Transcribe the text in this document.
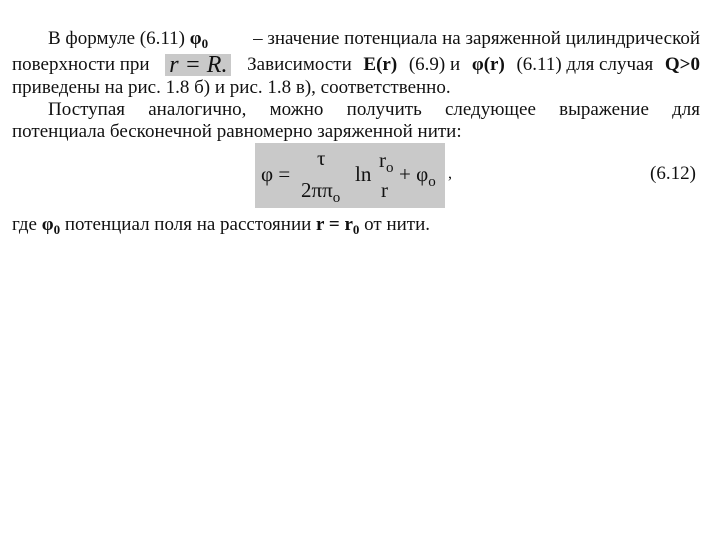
В формуле (6.11) $\varphi_0$ – значение потенциала на заряженной цилиндрической
поверхности при r = R. Зависимости E(r) (6.9) и φ(r) (6.11) для случая Q>0
приведены на рис. 1.8 б) и рис. 1.8 в), соответственно.
Поступая аналогично, можно получить следующее выражение для
потенциала бесконечной равномерно заряженной нити:
φ =
τ
$2\pi\pi_o$
ln
$r_o$
r
+ $\varphi_o$ ,	(6.12)
где $\varphi_0$ потенциал поля на расстоянии $r = r_0$ от нити.
